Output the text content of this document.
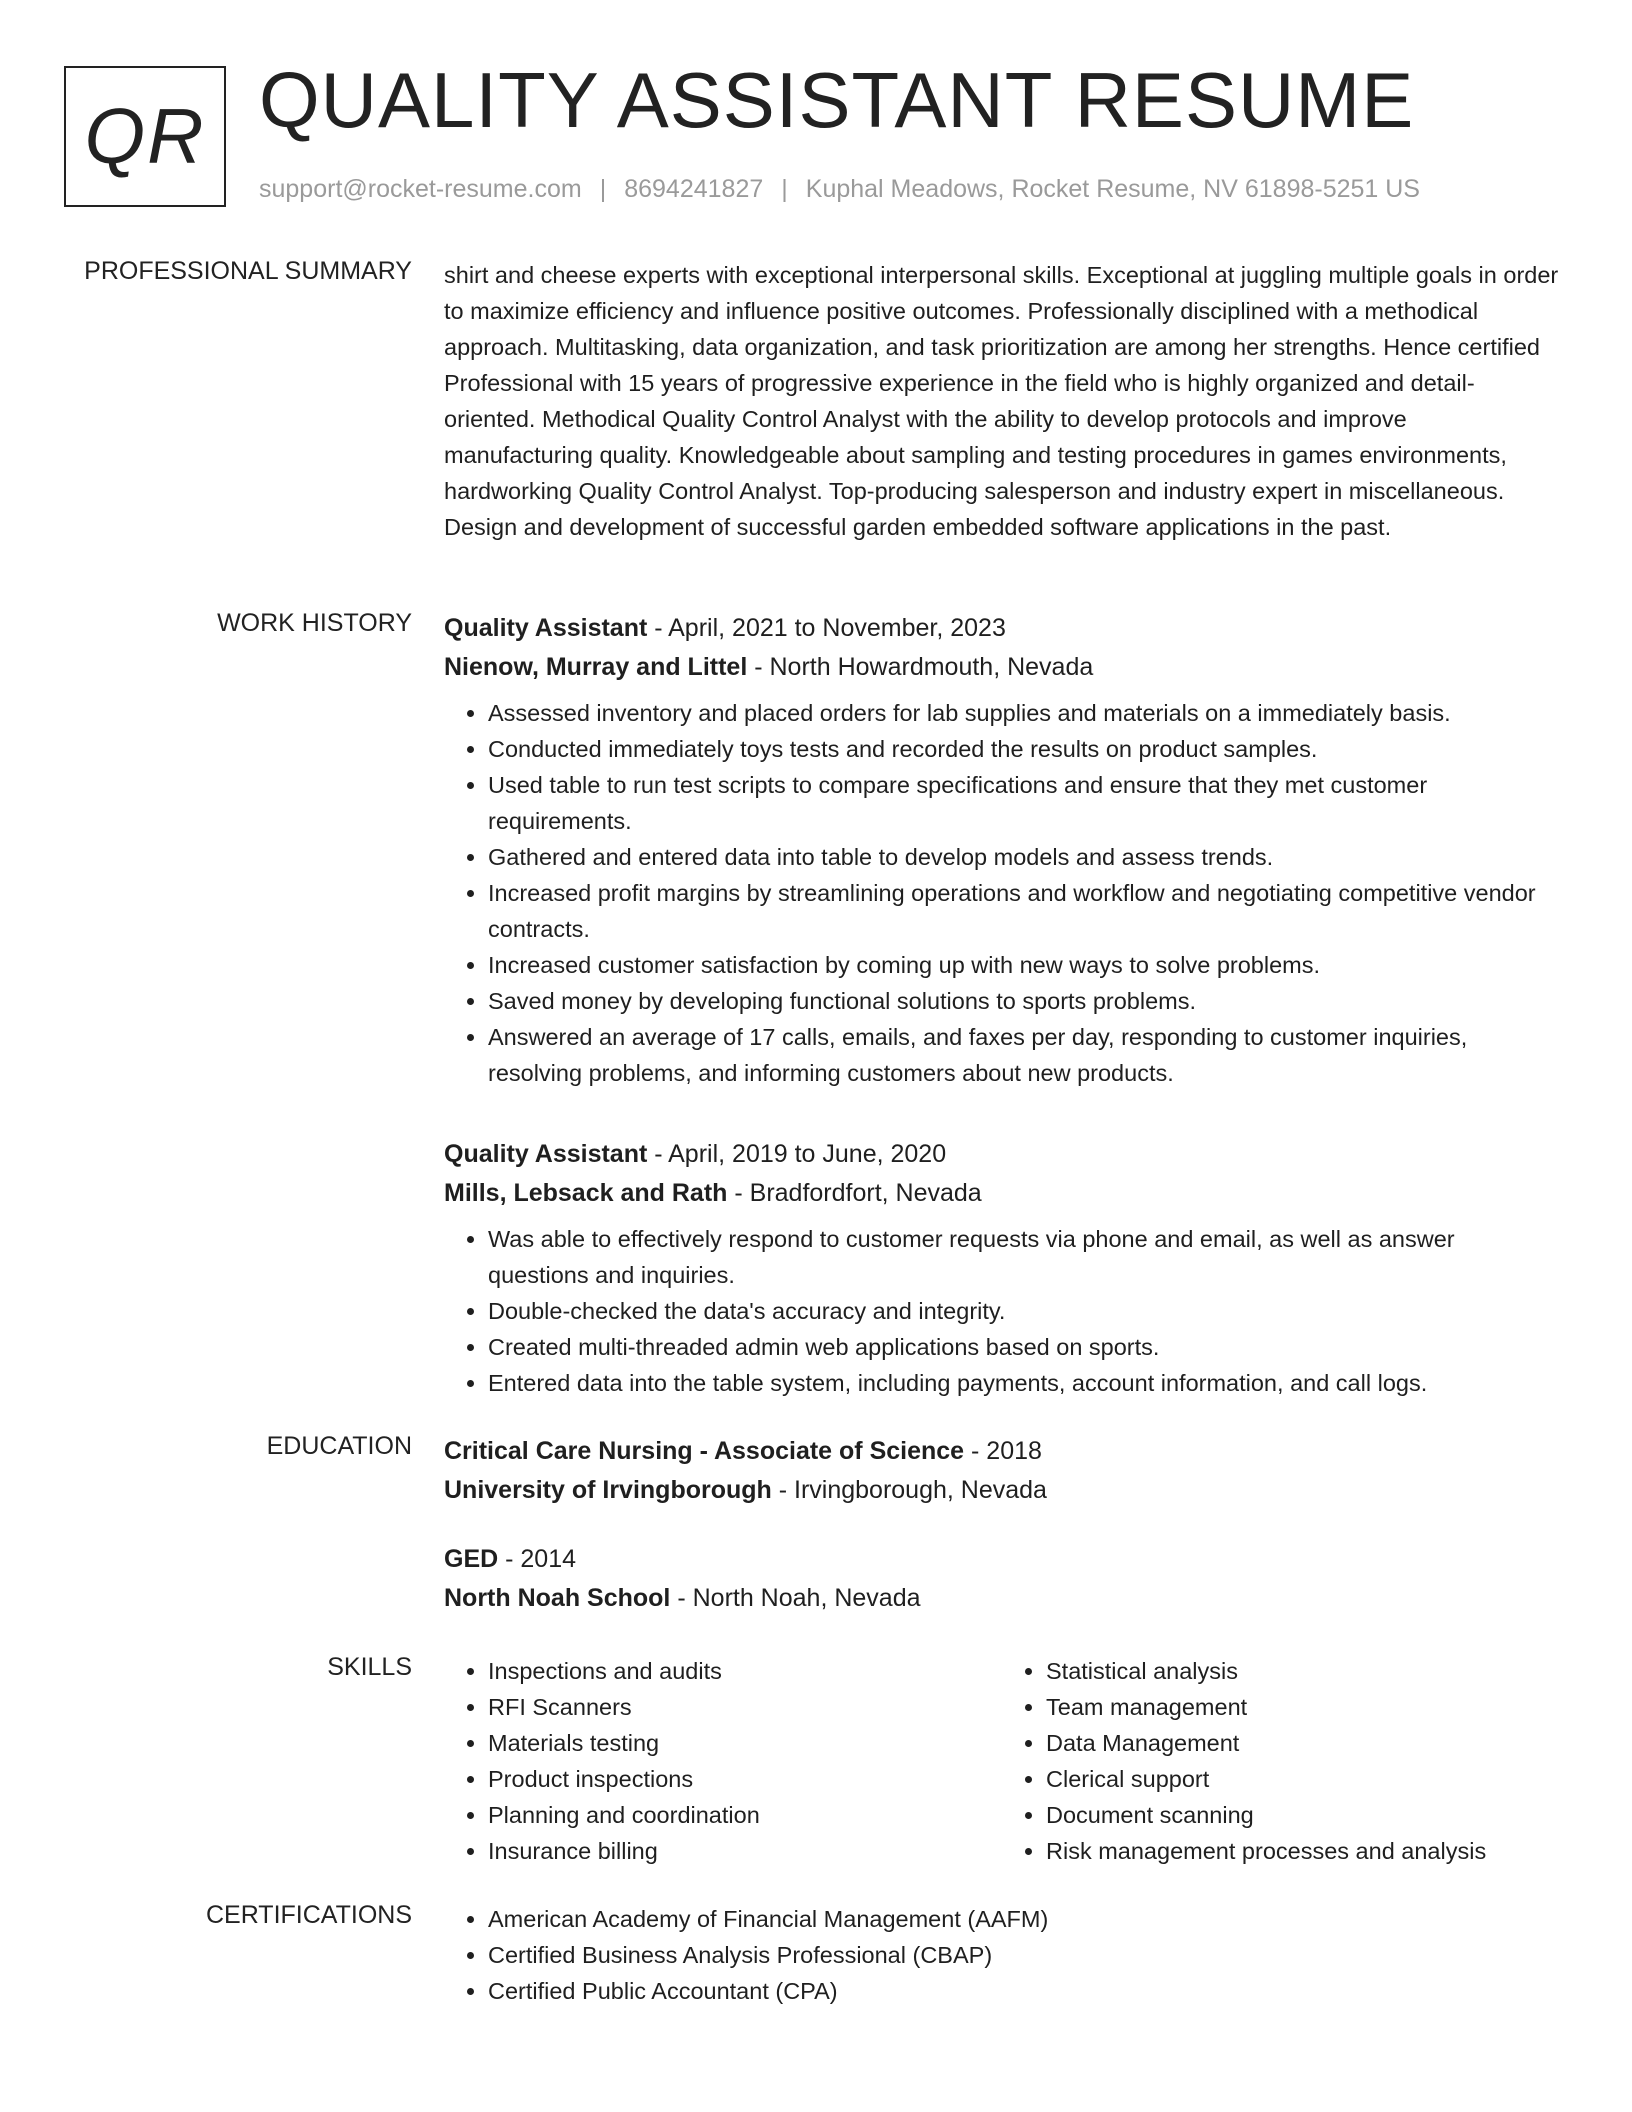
QR QUALITY ASSISTANT RESUME
support@rocket-resume.com | 8694241827 | Kuphal Meadows, Rocket Resume, NV 61898-5251 US
PROFESSIONAL SUMMARY shirt and cheese experts with exceptional interpersonal skills. Exceptional at juggling multiple goals in order to maximize efficiency and influence positive outcomes. Professionally disciplined with a methodical approach. Multitasking, data organization, and task prioritization are among her strengths. Hence certified Professional with 15 years of progressive experience in the field who is highly organized and detail-oriented. Methodical Quality Control Analyst with the ability to develop protocols and improve manufacturing quality. Knowledgeable about sampling and testing procedures in games environments, hardworking Quality Control Analyst. Top-producing salesperson and industry expert in miscellaneous. Design and development of successful garden embedded software applications in the past.

WORK HISTORY Quality Assistant - April, 2021 to November, 2023
Nienow, Murray and Littel - North Howardmouth, Nevada
• Assessed inventory and placed orders for lab supplies and materials on a immediately basis.
• Conducted immediately toys tests and recorded the results on product samples.
• Used table to run test scripts to compare specifications and ensure that they met customer requirements.
• Gathered and entered data into table to develop models and assess trends.
• Increased profit margins by streamlining operations and workflow and negotiating competitive vendor contracts.
• Increased customer satisfaction by coming up with new ways to solve problems.
• Saved money by developing functional solutions to sports problems.
• Answered an average of 17 calls, emails, and faxes per day, responding to customer inquiries, resolving problems, and informing customers about new products.
Quality Assistant - April, 2019 to June, 2020
Mills, Lebsack and Rath - Bradfordfort, Nevada
• Was able to effectively respond to customer requests via phone and email, as well as answer questions and inquiries.
• Double-checked the data's accuracy and integrity.
• Created multi-threaded admin web applications based on sports.
• Entered data into the table system, including payments, account information, and call logs.
EDUCATION Critical Care Nursing - Associate of Science - 2018
University of Irvingborough - Irvingborough, Nevada
GED - 2014
North Noah School - North Noah, Nevada
SKILLS	• Inspections and audits
• RFI Scanners
• Materials testing
• Product inspections
• Planning and coordination
• Insurance billing
• Statistical analysis
• Team management
• Data Management
• Clerical support
• Document scanning
• Risk management processes and analysis
CERTIFICATIONS	• American Academy of Financial Management (AAFM)
• Certified Business Analysis Professional (CBAP)
• Certified Public Accountant (CPA)
